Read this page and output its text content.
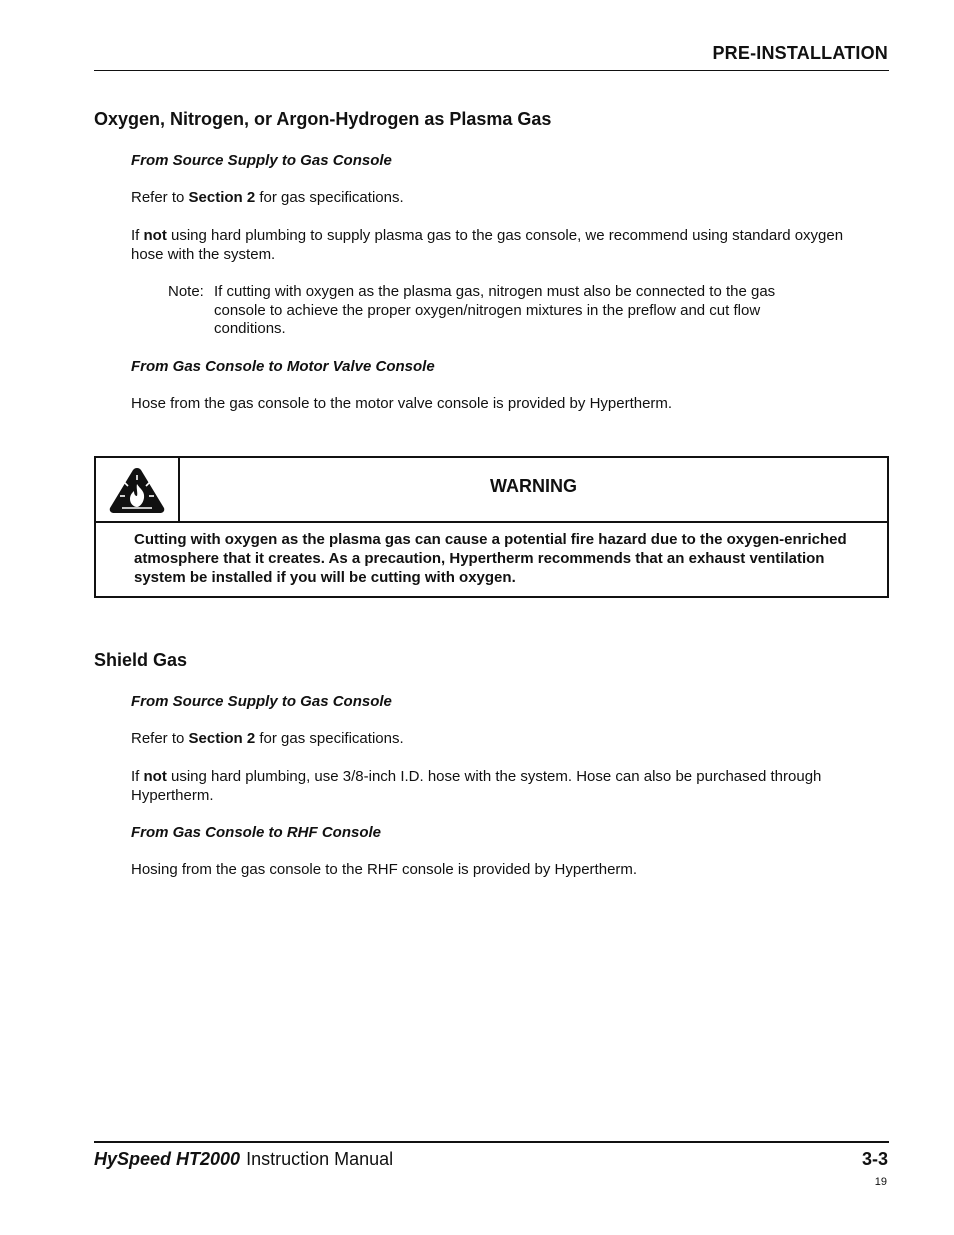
PRE-INSTALLATION
Oxygen, Nitrogen, or Argon-Hydrogen as Plasma Gas
From Source Supply to Gas Console
Refer to Section 2 for gas specifications.
If not using hard plumbing to supply plasma gas to the gas console, we recommend using standard oxygen hose with the system.
Note: If cutting with oxygen as the plasma gas, nitrogen must also be connected to the gas console to achieve the proper oxygen/nitrogen mixtures in the preflow and cut flow conditions.
From Gas Console to Motor Valve Console
Hose from the gas console to the motor valve console is provided by Hypertherm.
WARNING
Cutting with oxygen as the plasma gas can cause a potential fire hazard due to the oxygen-enriched atmosphere that it creates. As a precaution, Hypertherm recommends that an exhaust ventilation system be installed if you will be cutting with oxygen.
Shield Gas
From Source Supply to Gas Console
Refer to Section 2 for gas specifications.
If not using hard plumbing, use 3/8-inch I.D. hose with the system. Hose can also be purchased through Hypertherm.
From Gas Console to RHF Console
Hosing from the gas console to the RHF console is provided by Hypertherm.
HySpeed HT2000 Instruction Manual	3-3
19
